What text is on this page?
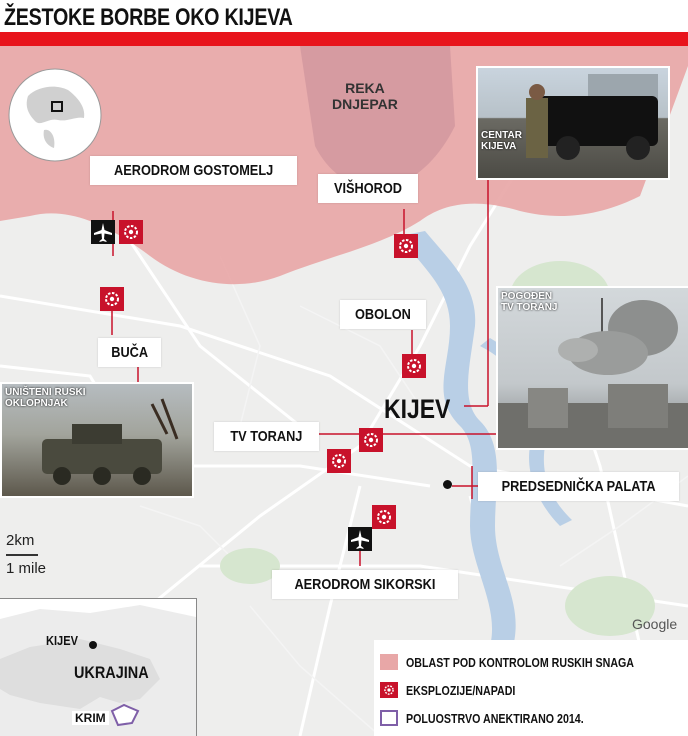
ŽESTOKE BORBE OKO KIJEVA
AERODROM GOSTOMELJ
VIŠHOROD
OBOLON
BUČA
TV TORANJ
PREDSEDNIČKA PALATA
AERODROM SIKORSKI
REKA
DNJEPAR
KIJEV
CENTAR
KIJEVA
POGOĐEN
TV TORANJ
UNIŠTENI RUSKI
OKLOPNJAK
2km
1 mile
Google
KIJEV
UKRAJINA
KRIM
OBLAST POD KONTROLOM RUSKIH SNAGA
EKSPLOZIJE/NAPADI
POLUOSTRVO ANEKTIRANO 2014.
